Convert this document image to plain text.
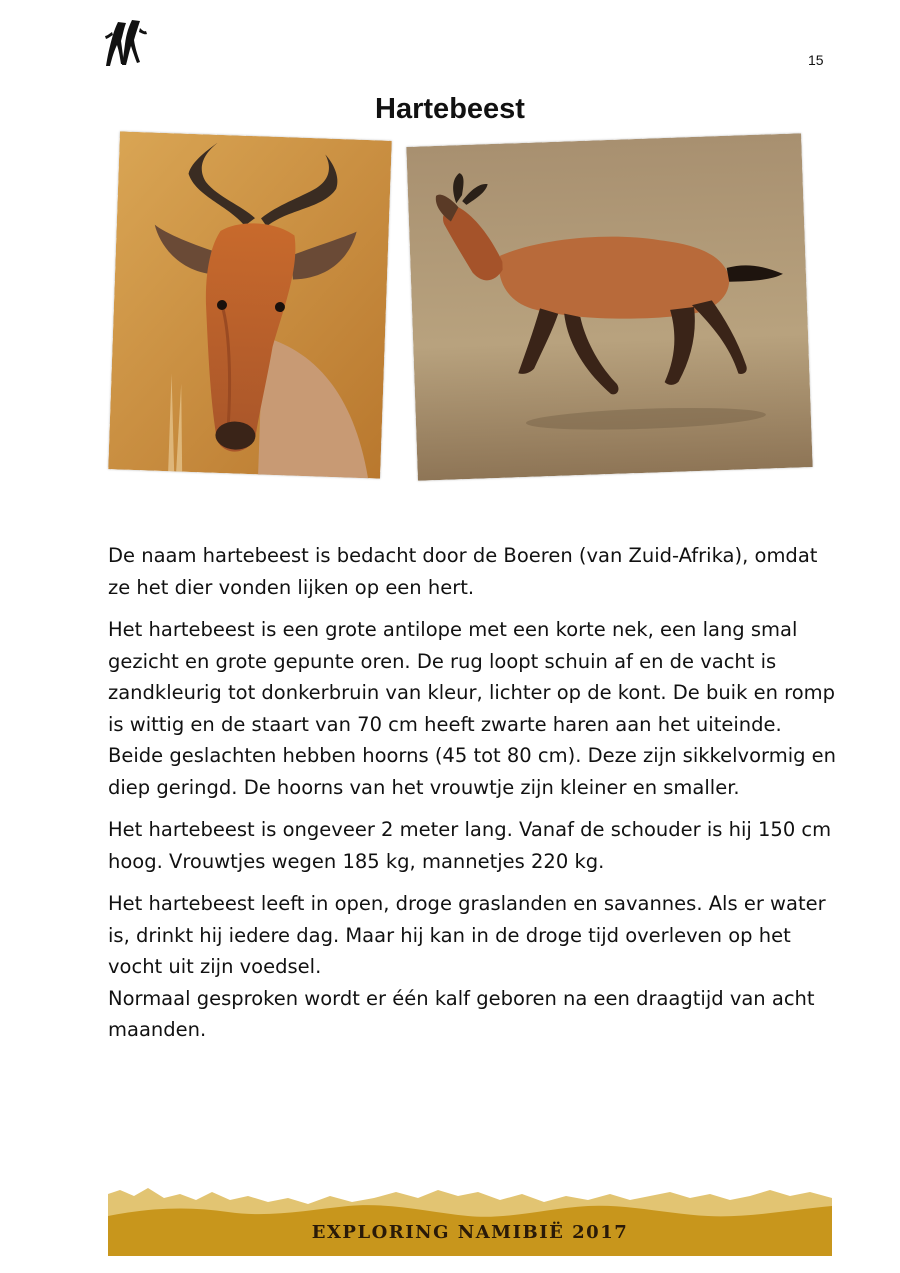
15
Hartebeest

De naam hartebeest is bedacht door de Boeren (van Zuid-Afrika), omdat ze het dier vonden lijken op een hert.

Het hartebeest is een grote antilope met een korte nek, een lang smal gezicht en grote gepunte oren. De rug loopt schuin af en de vacht is zandkleurig tot donkerbruin van kleur, lichter op de kont. De buik en romp is wittig en de staart van 70 cm heeft zwarte haren aan het uiteinde. Beide geslachten hebben hoorns (45 tot 80 cm). Deze zijn sikkelvormig en diep geringd. De hoorns van het vrouwtje zijn kleiner en smaller.

Het hartebeest is ongeveer 2 meter lang. Vanaf de schouder is hij 150 cm hoog. Vrouwtjes wegen 185 kg, mannetjes 220 kg.

Het hartebeest leeft in open, droge graslanden en savannes. Als er water is, drinkt hij iedere dag. Maar hij kan in de droge tijd overleven op het vocht uit zijn voedsel.

Normaal gesproken wordt er één kalf geboren na een draagtijd van acht maanden.

EXPLORING NAMIBIË 2017
